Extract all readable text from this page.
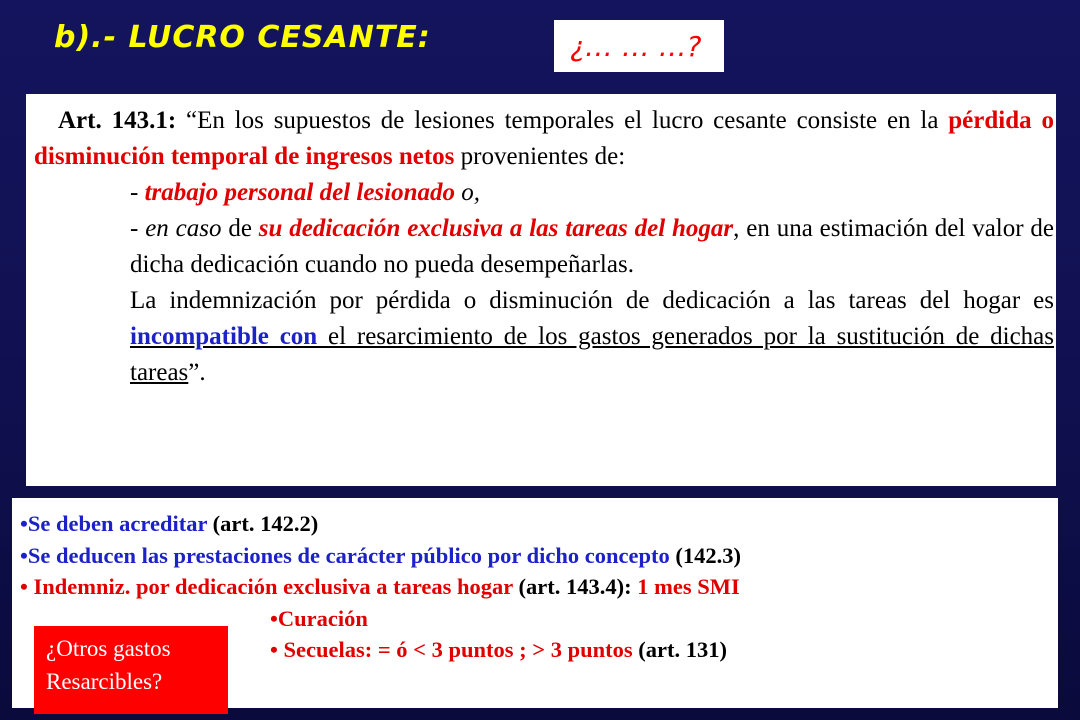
b).- LUCRO CESANTE:	¿… … …?

Art. 143.1: “En los supuestos de lesiones temporales el lucro cesante consiste en la pérdida o disminución temporal de ingresos netos provenientes de:

- trabajo personal del lesionado o,

- en caso de su dedicación exclusiva a las tareas del hogar, en una estimación del valor de dicha dedicación cuando no pueda desempeñarlas.

La indemnización por pérdida o disminución de dedicación a las tareas del hogar es incompatible con el resarcimiento de los gastos generados por la sustitución de dichas tareas”.

•Se deben acreditar (art. 142.2)
•Se deducen las prestaciones de carácter público por dicho concepto (142.3)
• Indemniz. por dedicación exclusiva a tareas hogar (art. 143.4): 1 mes SMI
•Curación
• Secuelas: = ó < 3 puntos ; > 3 puntos (art. 131)
¿Otros gastos
Resarcibles?
